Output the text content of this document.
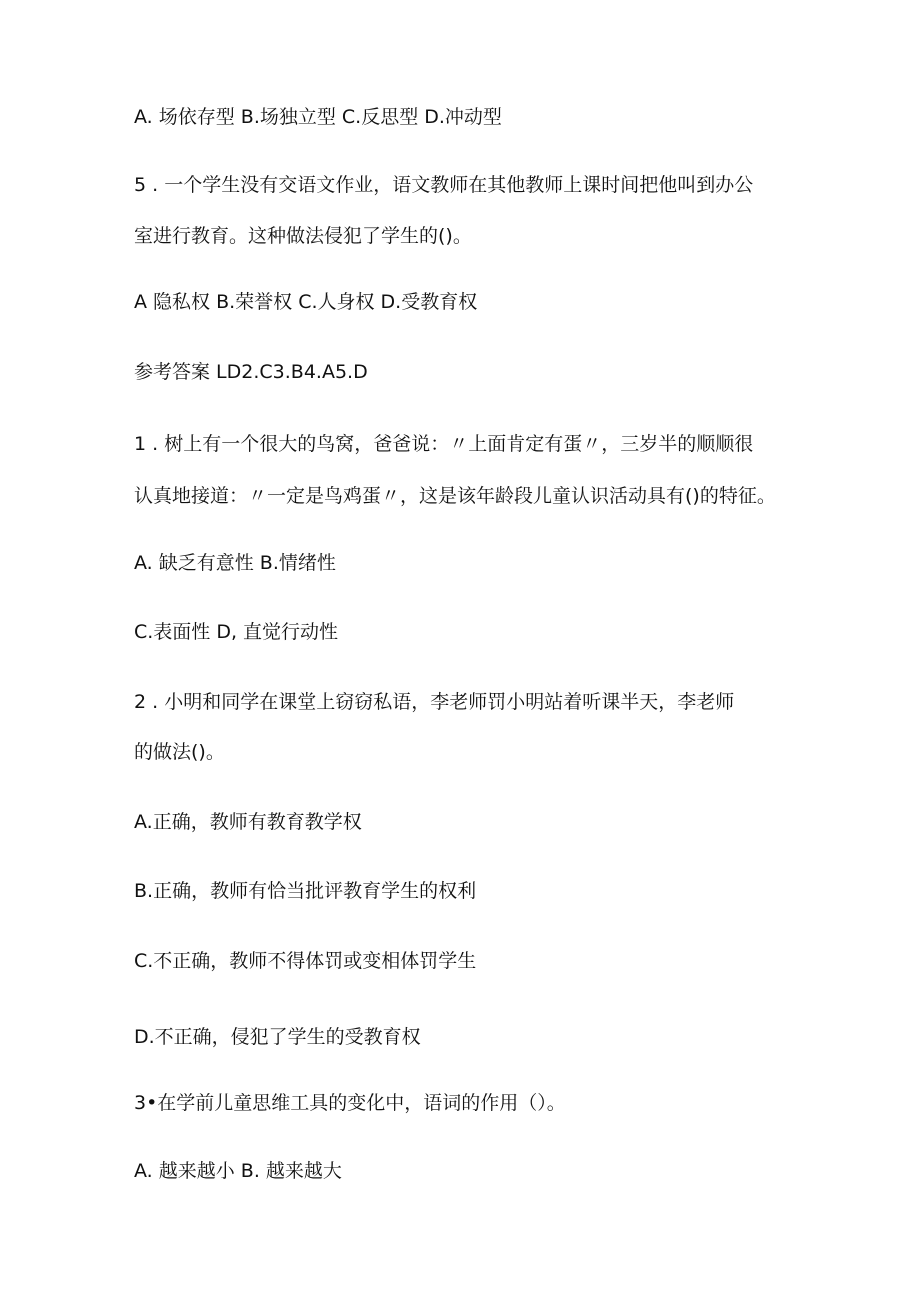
A. 场依存型 B.场独立型 C.反思型 D.冲动型
5 . 一个学生没有交语文作业，语文教师在其他教师上课时间把他叫到办公
室进行教育。这种做法侵犯了学生的()。
A 隐私权 B.荣誉权 C.人身权 D.受教育权
参考答案 LD2.C3.B4.A5.D
1 . 树上有一个很大的鸟窝，爸爸说：〃上面肯定有蛋〃，三岁半的顺顺很
认真地接道：〃一定是鸟鸡蛋〃，这是该年龄段儿童认识活动具有()的特征。
A. 缺乏有意性 B.情绪性
C.表面性 D, 直觉行动性
2 . 小明和同学在课堂上窃窃私语，李老师罚小明站着听课半天，李老师
的做法()。
A.正确，教师有教育教学权
B.正确，教师有恰当批评教育学生的权利
C.不正确，教师不得体罚或变相体罚学生
D.不正确，侵犯了学生的受教育权
3•在学前儿童思维工具的变化中，语词的作用（）。
A. 越来越小 B. 越来越大
